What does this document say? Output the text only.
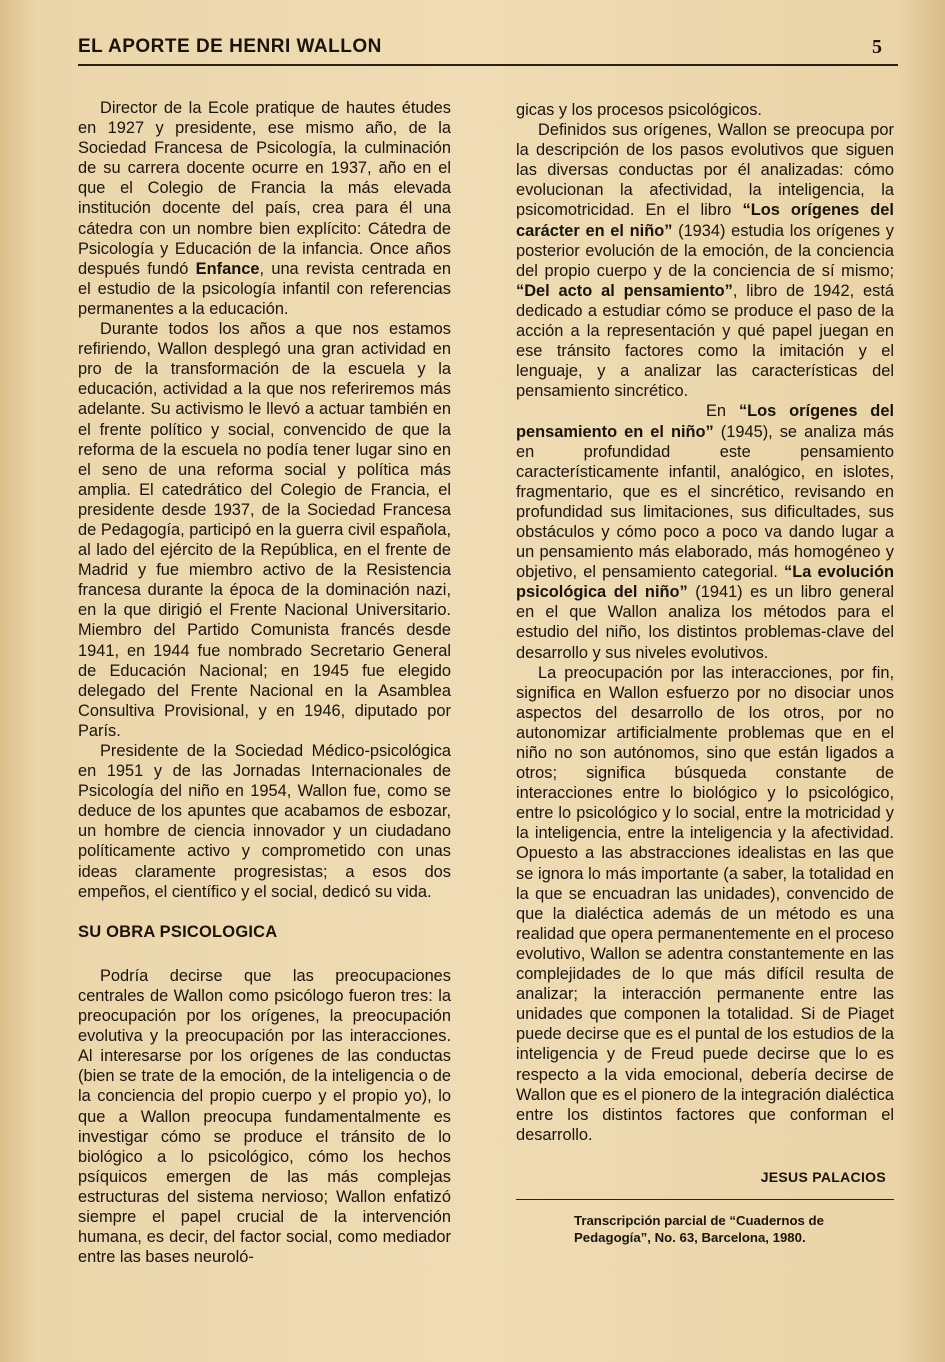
EL APORTE DE HENRI WALLON	5

Director de la Ecole pratique de hautes études en 1927 y presidente, ese mismo año, de la Sociedad Francesa de Psicología, la culminación de su carrera docente ocurre en 1937, año en el que el Colegio de Francia la más elevada institución docente del país, crea para él una cátedra con un nombre bien explícito: Cátedra de Psicología y Educación de la infancia. Once años después fundó Enfance, una revista centrada en el estudio de la psicología infantil con referencias permanentes a la educación.

Durante todos los años a que nos estamos refiriendo, Wallon desplegó una gran actividad en pro de la transformación de la escuela y la educación, actividad a la que nos referiremos más adelante. Su activismo le llevó a actuar también en el frente político y social, convencido de que la reforma de la escuela no podía tener lugar sino en el seno de una reforma social y política más amplia. El catedrático del Colegio de Francia, el presidente desde 1937, de la Sociedad Francesa de Pedagogía, participó en la guerra civil española, al lado del ejército de la República, en el frente de Madrid y fue miembro activo de la Resistencia francesa durante la época de la dominación nazi, en la que dirigió el Frente Nacional Universitario. Miembro del Partido Comunista francés desde 1941, en 1944 fue nombrado Secretario General de Educación Nacional; en 1945 fue elegido delegado del Frente Nacional en la Asamblea Consultiva Provisional, y en 1946, diputado por París.

Presidente de la Sociedad Médico-psicológica en 1951 y de las Jornadas Internacionales de Psicología del niño en 1954, Wallon fue, como se deduce de los apuntes que acabamos de esbozar, un hombre de ciencia innovador y un ciudadano políticamente activo y comprometido con unas ideas claramente progresistas; a esos dos empeños, el científico y el social, dedicó su vida.

SU OBRA PSICOLOGICA

Podría decirse que las preocupaciones centrales de Wallon como psicólogo fueron tres: la preocupación por los orígenes, la preocupación evolutiva y la preocupación por las interacciones. Al interesarse por los orígenes de las conductas (bien se trate de la emoción, de la inteligencia o de la conciencia del propio cuerpo y el propio yo), lo que a Wallon preocupa fundamentalmente es investigar cómo se produce el tránsito de lo biológico a lo psicológico, cómo los hechos psíquicos emergen de las más complejas estructuras del sistema nervioso; Wallon enfatizó siempre el papel crucial de la intervención humana, es decir, del factor social, como mediador entre las bases neuroló-

gicas y los procesos psicológicos.

Definidos sus orígenes, Wallon se preocupa por la descripción de los pasos evolutivos que siguen las diversas conductas por él analizadas: cómo evolucionan la afectividad, la inteligencia, la psicomotricidad. En el libro “Los orígenes del carácter en el niño” (1934) estudia los orígenes y posterior evolución de la emoción, de la conciencia del propio cuerpo y de la conciencia de sí mismo; “Del acto al pensamiento”, libro de 1942, está dedicado a estudiar cómo se produce el paso de la acción a la representación y qué papel juegan en ese tránsito factores como la imitación y el lenguaje, y a analizar las características del pensamiento sincrético.

En “Los orígenes del pensamiento en el niño” (1945), se analiza más en profundidad este pensamiento característicamente infantil, analógico, en islotes, fragmentario, que es el sincrético, revisando en profundidad sus limitaciones, sus dificultades, sus obstáculos y cómo poco a poco va dando lugar a un pensamiento más elaborado, más homogéneo y objetivo, el pensamiento categorial. “La evolución psicológica del niño” (1941) es un libro general en el que Wallon analiza los métodos para el estudio del niño, los distintos problemas-clave del desarrollo y sus niveles evolutivos.

La preocupación por las interacciones, por fin, significa en Wallon esfuerzo por no disociar unos aspectos del desarrollo de los otros, por no autonomizar artificialmente problemas que en el niño no son autónomos, sino que están ligados a otros; significa búsqueda constante de interacciones entre lo biológico y lo psicológico, entre lo psicológico y lo social, entre la motricidad y la inteligencia, entre la inteligencia y la afectividad. Opuesto a las abstracciones idealistas en las que se ignora lo más importante (a saber, la totalidad en la que se encuadran las unidades), convencido de que la dialéctica además de un método es una realidad que opera permanentemente en el proceso evolutivo, Wallon se adentra constantemente en las complejidades de lo que más difícil resulta de analizar; la interacción permanente entre las unidades que componen la totalidad. Si de Piaget puede decirse que es el puntal de los estudios de la inteligencia y de Freud puede decirse que lo es respecto a la vida emocional, debería decirse de Wallon que es el pionero de la integración dialéctica entre los distintos factores que conforman el desarrollo.

JESUS PALACIOS
Transcripción parcial de “Cuadernos de Pedagogía”, No. 63, Barcelona, 1980.
